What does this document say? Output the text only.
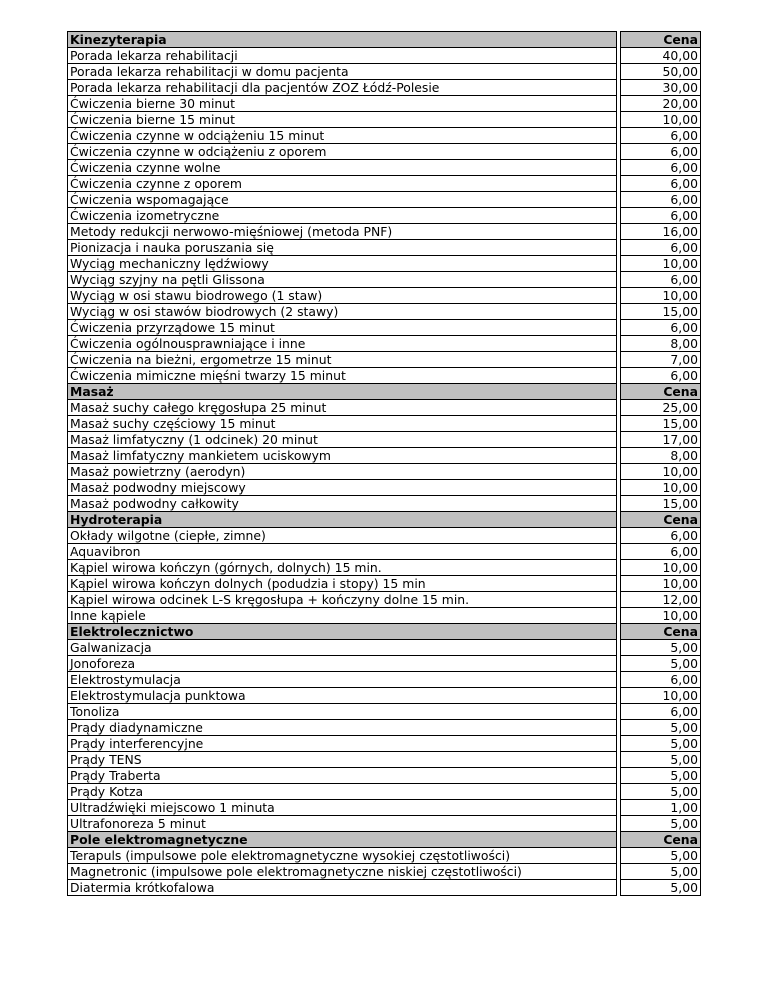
Kinezyterapia		Cena
Porada lekarza rehabilitacji		40,00
Porada lekarza rehabilitacji w domu pacjenta		50,00
Porada lekarza rehabilitacji dla pacjentów ZOZ Łódź-Polesie		30,00
Ćwiczenia bierne 30 minut		20,00
Ćwiczenia bierne 15 minut		10,00
Ćwiczenia czynne w odciążeniu 15 minut		6,00
Ćwiczenia czynne w odciążeniu z oporem		6,00
Ćwiczenia czynne wolne		6,00
Ćwiczenia czynne z oporem		6,00
Ćwiczenia wspomagające		6,00
Ćwiczenia izometryczne		6,00
Metody redukcji nerwowo-mięśniowej (metoda PNF)		16,00
Pionizacja i nauka poruszania się		6,00
Wyciąg mechaniczny lędźwiowy		10,00
Wyciąg szyjny na pętli Glissona		6,00
Wyciąg w osi stawu biodrowego (1 staw)		10,00
Wyciąg w osi stawów biodrowych (2 stawy)		15,00
Ćwiczenia przyrządowe 15 minut		6,00
Ćwiczenia ogólnousprawniające i inne		8,00
Ćwiczenia na bieżni, ergometrze 15 minut		7,00
Ćwiczenia mimiczne mięśni twarzy 15 minut		6,00
Masaż		Cena
Masaż suchy całego kręgosłupa 25 minut		25,00
Masaż suchy częściowy 15 minut		15,00
Masaż limfatyczny (1 odcinek) 20 minut		17,00
Masaż limfatyczny mankietem uciskowym		8,00
Masaż powietrzny (aerodyn)		10,00
Masaż podwodny miejscowy		10,00
Masaż podwodny całkowity		15,00
Hydroterapia		Cena
Okłady wilgotne (ciepłe, zimne)		6,00
Aquavibron		6,00
Kąpiel wirowa kończyn (górnych, dolnych) 15 min.		10,00
Kąpiel wirowa kończyn dolnych (podudzia i stopy) 15 min		10,00
Kąpiel wirowa odcinek L-S kręgosłupa + kończyny dolne 15 min.		12,00
Inne kąpiele		10,00
Elektrolecznictwo		Cena
Galwanizacja		5,00
Jonoforeza		5,00
Elektrostymulacja		6,00
Elektrostymulacja punktowa		10,00
Tonoliza		6,00
Prądy diadynamiczne		5,00
Prądy interferencyjne		5,00
Prądy TENS		5,00
Prądy Traberta		5,00
Prądy Kotza		5,00
Ultradźwięki miejscowo 1 minuta		1,00
Ultrafonoreza 5 minut		5,00
Pole elektromagnetyczne		Cena
Terapuls (impulsowe pole elektromagnetyczne wysokiej częstotliwości)		5,00
Magnetronic (impulsowe pole elektromagnetyczne niskiej częstotliwości)		5,00
Diatermia krótkofalowa		5,00
